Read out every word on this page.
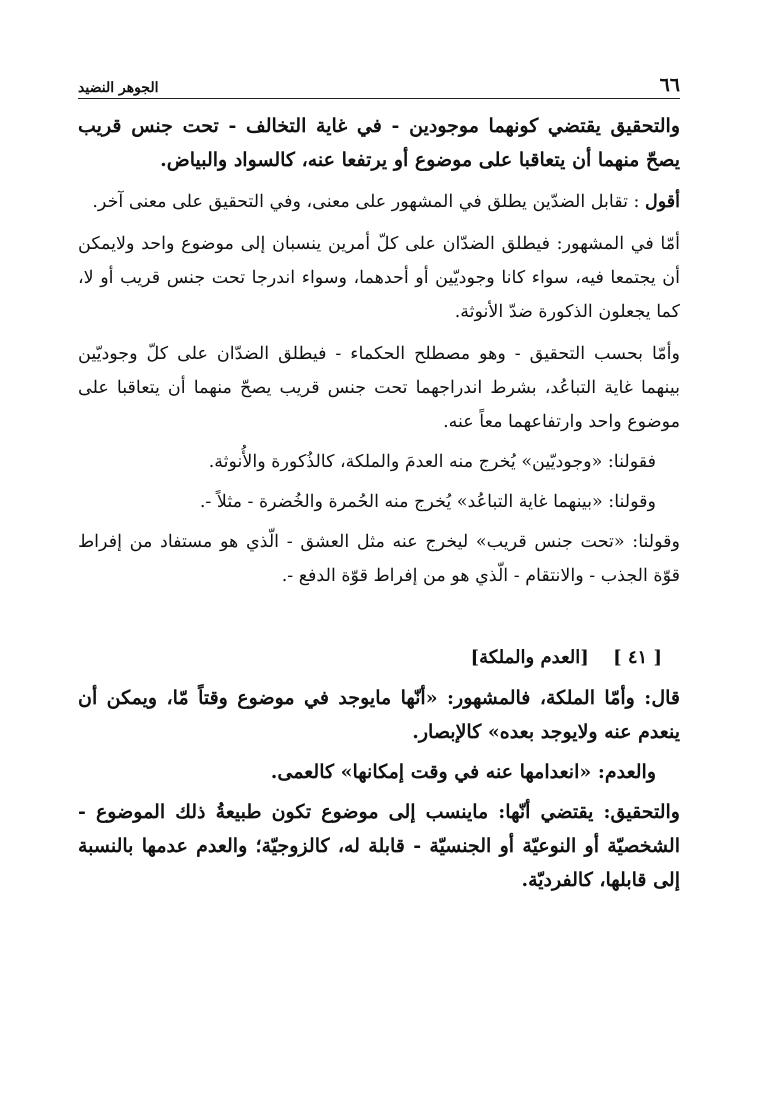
٦٦
الجوهر النضيد

والتحقيق يقتضي كونهما موجودين - في غاية التخالف - تحت جنس قريب يصحّ منهما أن يتعاقبا على موضوع أو يرتفعا عنه، كالسواد والبياض.

أقول : تقابل الضدّين يطلق في المشهور على معنى، وفي التحقيق على معنى آخر.

أمّا في المشهور: فيطلق الضدّان على كلّ أمرين ينسبان إلى موضوع واحد ولايمكن أن يجتمعا فيه، سواء كانا وجوديّين أو أحدهما، وسواء اندرجا تحت جنس قريب أو لا، كما يجعلون الذكورة ضدّ الأنوثة.

وأمّا بحسب التحقيق - وهو مصطلح الحكماء - فيطلق الضدّان على كلّ وجوديّين بينهما غاية التباعُد، بشرط اندراجهما تحت جنس قريب يصحّ منهما أن يتعاقبا على موضوع واحد وارتفاعهما معاً عنه.

فقولنا: «وجوديّين» يُخرج منه العدمَ والملكة، كالذُكورة والأُنوثة.

وقولنا: «بينهما غاية التباعُد» يُخرج منه الحُمرة والخُضرة - مثلاً -.

وقولنا: «تحت جنس قريب» ليخرج عنه مثل العشق - الّذي هو مستفاد من إفراط قوّة الجذب - والانتقام - الّذي هو من إفراط قوّة الدفع -.

[ ٤١ ] [العدم والملكة]

قال: وأمّا الملكة، فالمشهور: «أنّها مايوجد في موضوع وقتاً مّا، ويمكن أن ينعدم عنه ولايوجد بعده» كالإبصار.

والعدم: «انعدامها عنه في وقت إمكانها» كالعمى.

والتحقيق: يقتضي أنّها: ماينسب إلى موضوع تكون طبيعةُ ذلك الموضوع - الشخصيّة أو النوعيّة أو الجنسيّة - قابلة له، كالزوجيّة؛ والعدم عدمها بالنسبة إلى قابلها، كالفرديّة.
